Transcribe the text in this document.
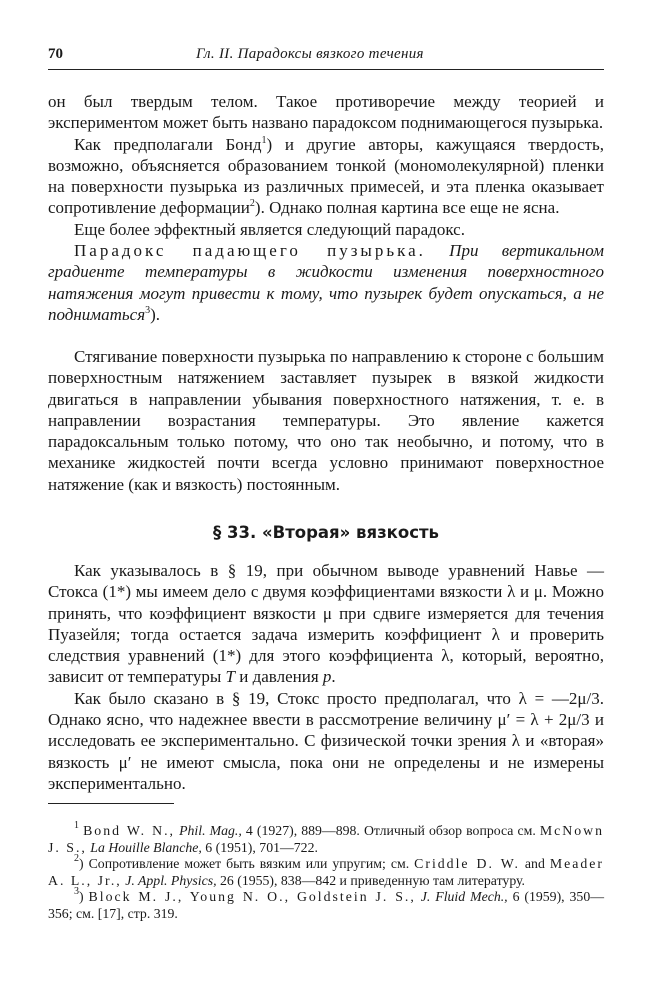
70	Гл. II. Парадоксы вязкого течения

он был твердым телом. Такое противоречие между теорией и экспериментом может быть названо парадоксом поднимающегося пузырька.

Как предполагали Бонд$^1$) и другие авторы, кажущаяся твердость, возможно, объясняется образованием тонкой (мономолекулярной) пленки на поверхности пузырька из различных примесей, и эта пленка оказывает сопротивление деформации$^2$). Однако полная картина все еще не ясна.

Еще более эффектный является следующий парадокс.

Парадокс падающего пузырька. При вертикальном градиенте температуры в жидкости изменения поверхностного натяжения могут привести к тому, что пузырек будет опускаться, а не подниматься$^3$).

Стягивание поверхности пузырька по направлению к стороне с большим поверхностным натяжением заставляет пузырек в вязкой жидкости двигаться в направлении убывания поверхностного натяжения, т. е. в направлении возрастания температуры. Это явление кажется парадоксальным только потому, что оно так необычно, и потому, что в механике жидкостей почти всегда условно принимают поверхностное натяжение (как и вязкость) постоянным.

§ 33. «Вторая» вязкость

Как указывалось в § 19, при обычном выводе уравнений Навье — Стокса (1*) мы имеем дело с двумя коэффициентами вязкости λ и μ. Можно принять, что коэффициент вязкости μ при сдвиге измеряется для течения Пуазейля; тогда остается задача измерить коэффициент λ и проверить следствия уравнений (1*) для этого коэффициента λ, который, вероятно, зависит от температуры T и давления p.

Как было сказано в § 19, Стокс просто предполагал, что λ = —2μ/3. Однако ясно, что надежнее ввести в рассмотрение величину μ′ = λ + 2μ/3 и исследовать ее экспериментально. С физической точки зрения λ и «вторая» вязкость μ′ не имеют смысла, пока они не определены и не измерены экспериментально.

$^1$ Bond W. N., Phil. Mag., 4 (1927), 889—898. Отличный обзор вопроса см. McNown J. S., La Houille Blanche, 6 (1951), 701—722.

$^2$) Сопротивление может быть вязким или упругим; см. Criddle D. W. and Meader A. L., Jr., J. Appl. Physics, 26 (1955), 838—842 и приведенную там литературу.

$^3$) Block M. J., Young N. O., Goldstein J. S., J. Fluid Mech., 6 (1959), 350—356; см. [17], стр. 319.
